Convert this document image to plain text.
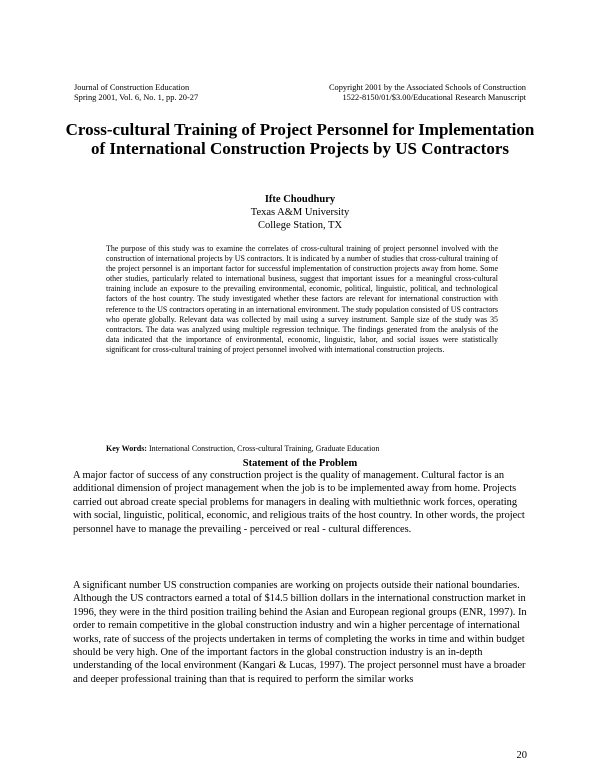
Journal of Construction Education
Spring 2001, Vol. 6, No. 1, pp. 20-27
Copyright 2001 by the Associated Schools of Construction
1522-8150/01/$3.00/Educational Research Manuscript
Cross-cultural Training of Project Personnel for Implementation of International Construction Projects by US Contractors
Ifte Choudhury
Texas A&M University
College Station, TX
The purpose of this study was to examine the correlates of cross-cultural training of project personnel involved with the construction of international projects by US contractors. It is indicated by a number of studies that cross-cultural training of the project personnel is an important factor for successful implementation of construction projects away from home. Some other studies, particularly related to international business, suggest that important issues for a meaningful cross-cultural training include an exposure to the prevailing environmental, economic, political, linguistic, political, and technological factors of the host country. The study investigated whether these factors are relevant for international construction with reference to the US contractors operating in an international environment. The study population consisted of US contractors who operate globally. Relevant data was collected by mail using a survey instrument. Sample size of the study was 35 contractors. The data was analyzed using multiple regression technique. The findings generated from the analysis of the data indicated that the importance of environmental, economic, linguistic, labor, and social issues were statistically significant for cross-cultural training of project personnel involved with international construction projects.
Key Words: International Construction, Cross-cultural Training, Graduate Education
Statement of the Problem
A major factor of success of any construction project is the quality of management. Cultural factor is an additional dimension of project management when the job is to be implemented away from home. Projects carried out abroad create special problems for managers in dealing with multiethnic work forces, operating with social, linguistic, political, economic, and religious traits of the host country. In other words, the project personnel have to manage the prevailing - perceived or real - cultural differences.
A significant number US construction companies are working on projects outside their national boundaries. Although the US contractors earned a total of $14.5 billion dollars in the international construction market in 1996, they were in the third position trailing behind the Asian and European regional groups (ENR, 1997). In order to remain competitive in the global construction industry and win a higher percentage of international works, rate of success of the projects undertaken in terms of completing the works in time and within budget should be very high. One of the important factors in the global construction industry is an in-depth understanding of the local environment (Kangari & Lucas, 1997). The project personnel must have a broader and deeper professional training than that is required to perform the similar works
20
